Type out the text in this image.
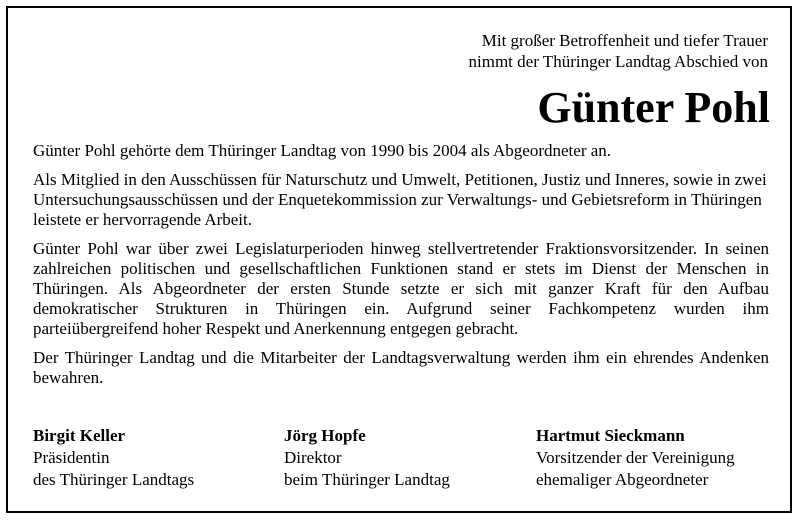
Mit großer Betroffenheit und tiefer Trauer
nimmt der Thüringer Landtag Abschied von
Günter Pohl

Günter Pohl gehörte dem Thüringer Landtag von 1990 bis 2004 als Abgeordneter an.

Als Mitglied in den Ausschüssen für Naturschutz und Umwelt, Petitionen, Justiz und Inneres, sowie in zwei Untersuchungsausschüssen und der Enquetekommission zur Verwaltungs- und Gebietsreform in Thüringen leistete er hervorragende Arbeit.

Günter Pohl war über zwei Legislaturperioden hinweg stellvertretender Fraktionsvorsitzender. In seinen zahlreichen politischen und gesellschaftlichen Funktionen stand er stets im Dienst der Menschen in Thüringen. Als Abgeordneter der ersten Stunde setzte er sich mit ganzer Kraft für den Aufbau demokratischer Strukturen in Thüringen ein. Aufgrund seiner Fachkompetenz wurden ihm parteiübergreifend hoher Respekt und Anerkennung entgegen gebracht.

Der Thüringer Landtag und die Mitarbeiter der Landtagsverwaltung werden ihm ein ehrendes Andenken bewahren.

Birgit Keller
Präsidentin
des Thüringer Landtags
Jörg Hopfe
Direktor
beim Thüringer Landtag
Hartmut Sieckmann
Vorsitzender der Vereinigung
ehemaliger Abgeordneter
